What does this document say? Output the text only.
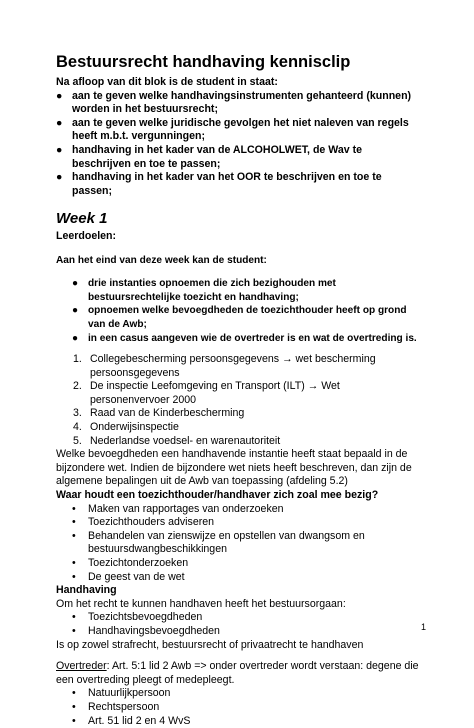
Bestuursrecht handhaving kennisclip

Na afloop van dit blok is de student in staat:

● aan te geven welke handhavingsinstrumenten gehanteerd (kunnen) worden in het bestuursrecht;
● aan te geven welke juridische gevolgen het niet naleven van regels heeft m.b.t. vergunningen;
● handhaving in het kader van de ALCOHOLWET, de Wav te beschrijven en toe te passen;
● handhaving in het kader van het OOR te beschrijven en toe te passen;
Week 1

Leerdoelen:

Aan het eind van deze week kan de student:

● drie instanties opnoemen die zich bezighouden met bestuursrechtelijke toezicht en handhaving;
● opnoemen welke bevoegdheden de toezichthouder heeft op grond van de Awb;
● in een casus aangeven wie de overtreder is en wat de overtreding is.
1. Collegebescherming persoonsgegevens → wet bescherming persoonsgegevens
2. De inspectie Leefomgeving en Transport (ILT) → Wet personenvervoer 2000
3. Raad van de Kinderbescherming
4. Onderwijsinspectie
5. Nederlandse voedsel- en warenautoriteit

Welke bevoegdheden een handhavende instantie heeft staat bepaald in de bijzondere wet. Indien de bijzondere wet niets heeft beschreven, dan zijn de algemene bepalingen uit de Awb van toepassing (afdeling 5.2)

Waar houdt een toezichthouder/handhaver zich zoal mee bezig?

• Maken van rapportages van onderzoeken
• Toezichthouders adviseren
• Behandelen van zienswijze en opstellen van dwangsom en bestuursdwangbeschikkingen
• Toezichtonderzoeken
• De geest van de wet

Handhaving

Om het recht te kunnen handhaven heeft het bestuursorgaan:

• Toezichtsbevoegdheden
• Handhavingsbevoegdheden

Is op zowel strafrecht, bestuursrecht of privaatrecht te handhaven

Overtreder: Art. 5:1 lid 2 Awb => onder overtreder wordt verstaan: degene die een overtreding pleegt of medepleegt.

• Natuurlijkpersoon
• Rechtspersoon
• Art. 51 lid 2 en 4 WvS
1
